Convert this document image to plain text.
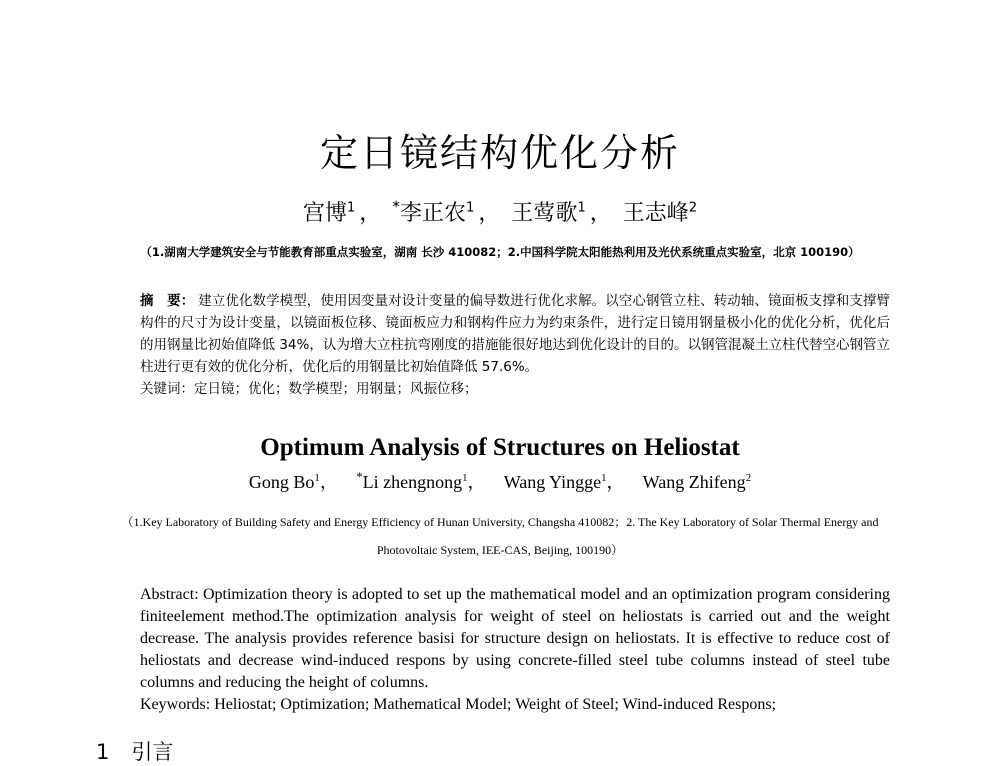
定日镜结构优化分析
宫博$^1$ ， *李正农$^1$ ， 王莺歌$^1$ ， 王志峰$^2$
（1.湖南大学建筑安全与节能教育部重点实验室，湖南 长沙 410082；2.中国科学院太阳能热利用及光伏系统重点实验室，北京 100190）
摘　要： 建立优化数学模型，使用因变量对设计变量的偏导数进行优化求解。以空心钢管立柱、转动轴、镜面板支撑和支撑臂构件的尺寸为设计变量，以镜面板位移、镜面板应力和钢构件应力为约束条件，进行定日镜用钢量极小化的优化分析，优化后的用钢量比初始值降低 34%，认为增大立柱抗弯刚度的措施能很好地达到优化设计的目的。以钢管混凝土立柱代替空心钢管立柱进行更有效的优化分析，优化后的用钢量比初始值降低 57.6%。
关键词：定日镜；优化；数学模型；用钢量；风振位移；
Optimum Analysis of Structures on Heliostat
Gong Bo$^1$， *Li zhengnong$^1$， Wang Yingge$^1$， Wang Zhifeng$^2$
（1.Key Laboratory of Building Safety and Energy Efficiency of Hunan University, Changsha 410082；2. The Key Laboratory of Solar Thermal Energy and
Photovoltaic System, IEE-CAS, Beijing, 100190）
Abstract: Optimization theory is adopted to set up the mathematical model and an optimization program considering finiteelement method.The optimization analysis for weight of steel on heliostats is carried out and the weight decrease. The analysis provides reference basisi for structure design on heliostats. It is effective to reduce cost of heliostats and decrease wind-induced respons by using concrete-filled steel tube columns instead of steel tube columns and reducing the height of columns.
Keywords: Heliostat; Optimization; Mathematical Model; Weight of Steel; Wind-induced Respons;
1 引言
